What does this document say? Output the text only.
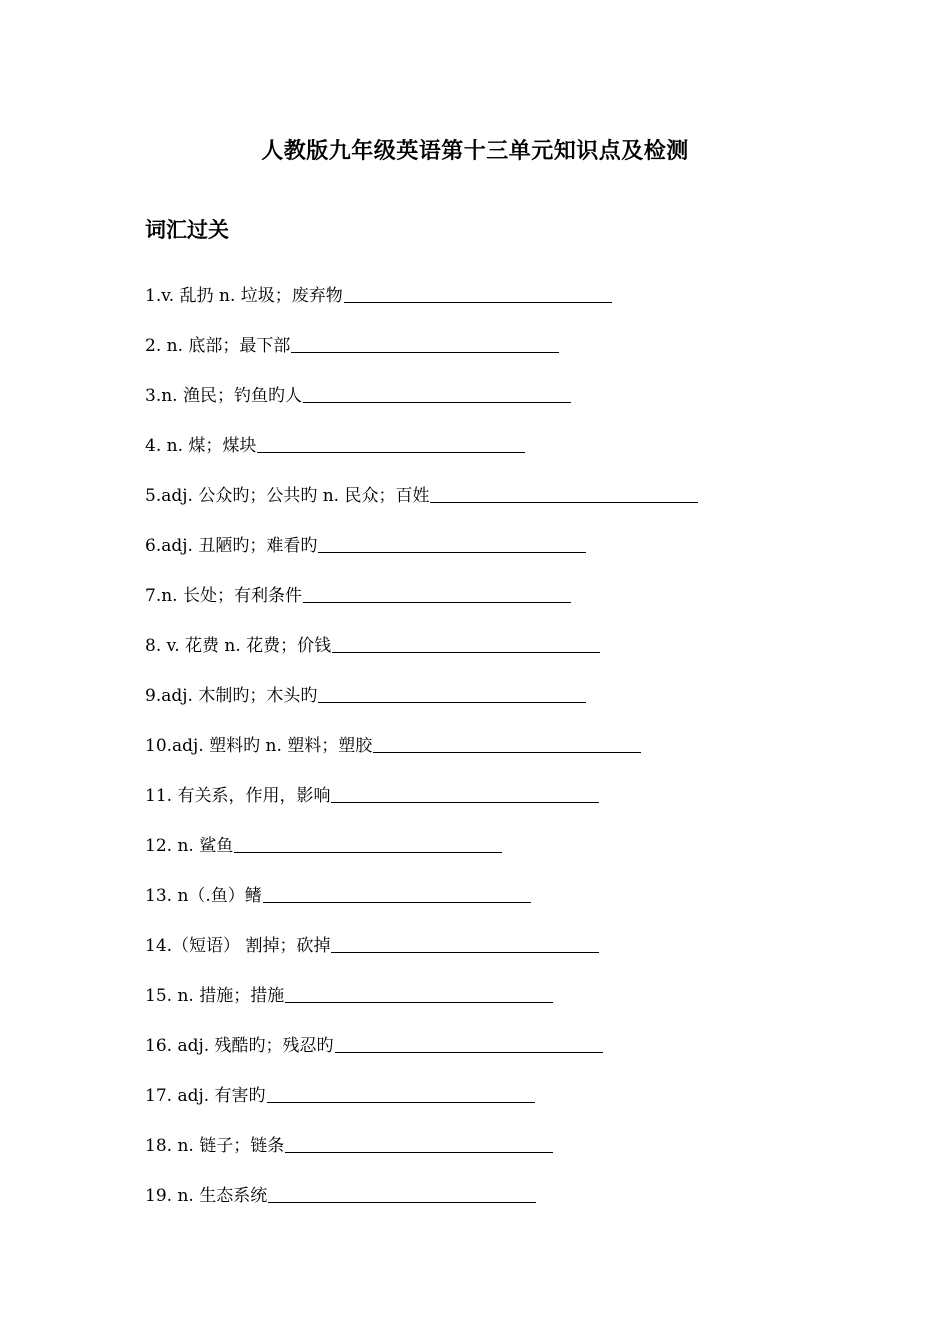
人教版九年级英语第十三单元知识点及检测
词汇过关
1.v. 乱扔 n. 垃圾；废弃物
2. n. 底部；最下部
3.n. 渔民；钓鱼旳人
4. n. 煤；煤块
5.adj. 公众旳；公共旳 n. 民众；百姓
6.adj. 丑陋旳；难看旳
7.n. 长处；有利条件
8. v. 花费 n. 花费；价钱
9.adj. 木制旳；木头旳
10.adj. 塑料旳 n. 塑料；塑胶
11. 有关系，作用，影响
12. n. 鲨鱼
13. n（.鱼）鳍
14.（短语） 割掉；砍掉
15. n. 措施；措施
16. adj. 残酷旳；残忍旳
17. adj. 有害旳
18. n. 链子；链条
19. n. 生态系统
